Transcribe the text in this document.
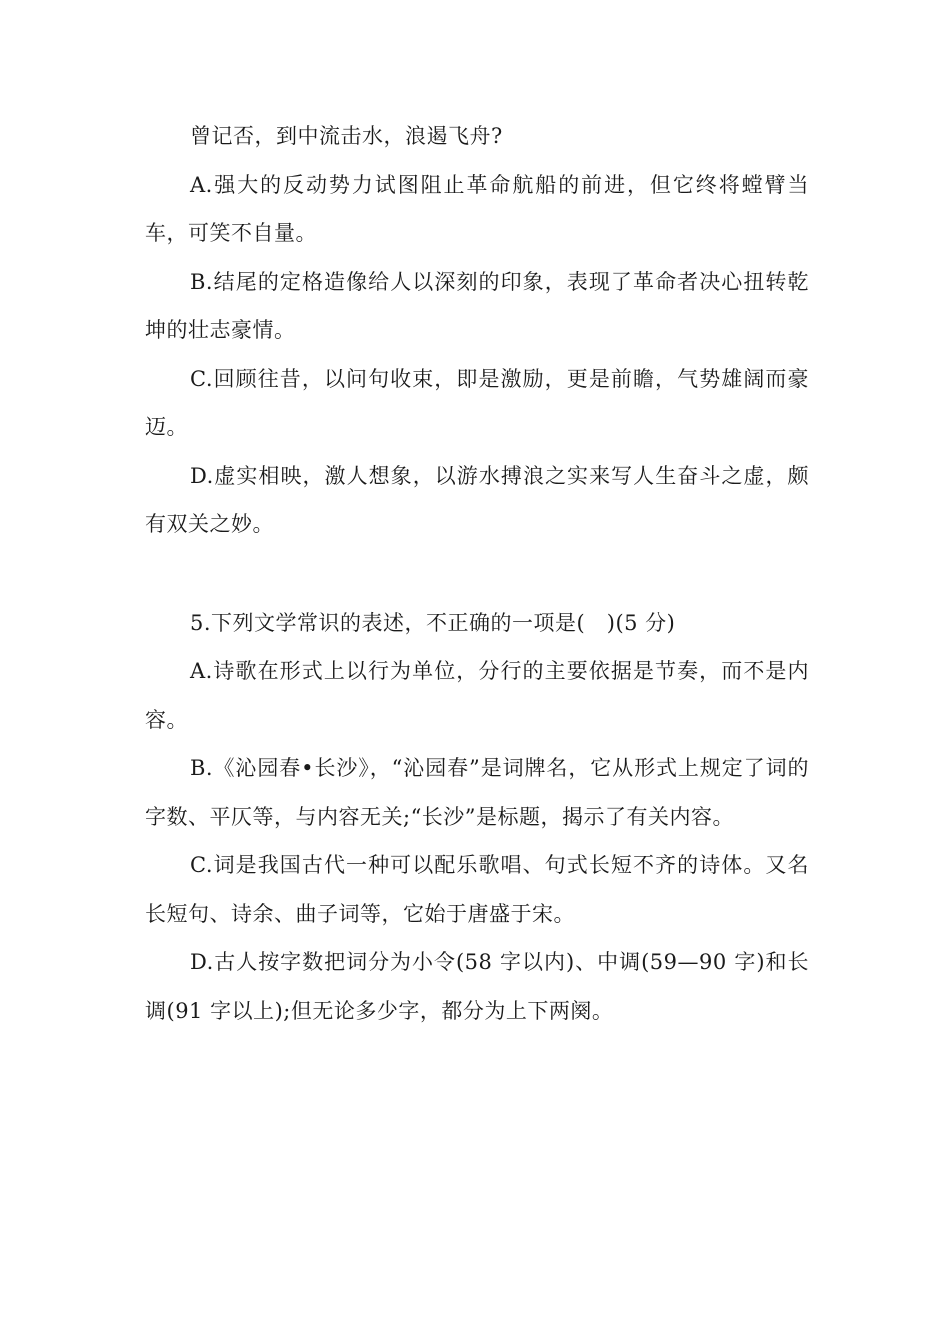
曾记否，到中流击水，浪遏飞舟?

A.强大的反动势力试图阻止革命航船的前进，但它终将螳臂当车，可笑不自量。

B.结尾的定格造像给人以深刻的印象，表现了革命者决心扭转乾坤的壮志豪情。

C.回顾往昔，以问句收束，即是激励，更是前瞻，气势雄阔而豪迈。

D.虚实相映，激人想象，以游水搏浪之实来写人生奋斗之虚，颇有双关之妙。

5.下列文学常识的表述，不正确的一项是(   )(5 分)

A.诗歌在形式上以行为单位，分行的主要依据是节奏，而不是内容。

B.《沁园春•长沙》，“沁园春”是词牌名，它从形式上规定了词的字数、平仄等，与内容无关;“长沙”是标题，揭示了有关内容。

C.词是我国古代一种可以配乐歌唱、句式长短不齐的诗体。又名长短句、诗余、曲子词等，它始于唐盛于宋。

D.古人按字数把词分为小令(58 字以内)、中调(59—90 字)和长调(91 字以上);但无论多少字，都分为上下两阕。
